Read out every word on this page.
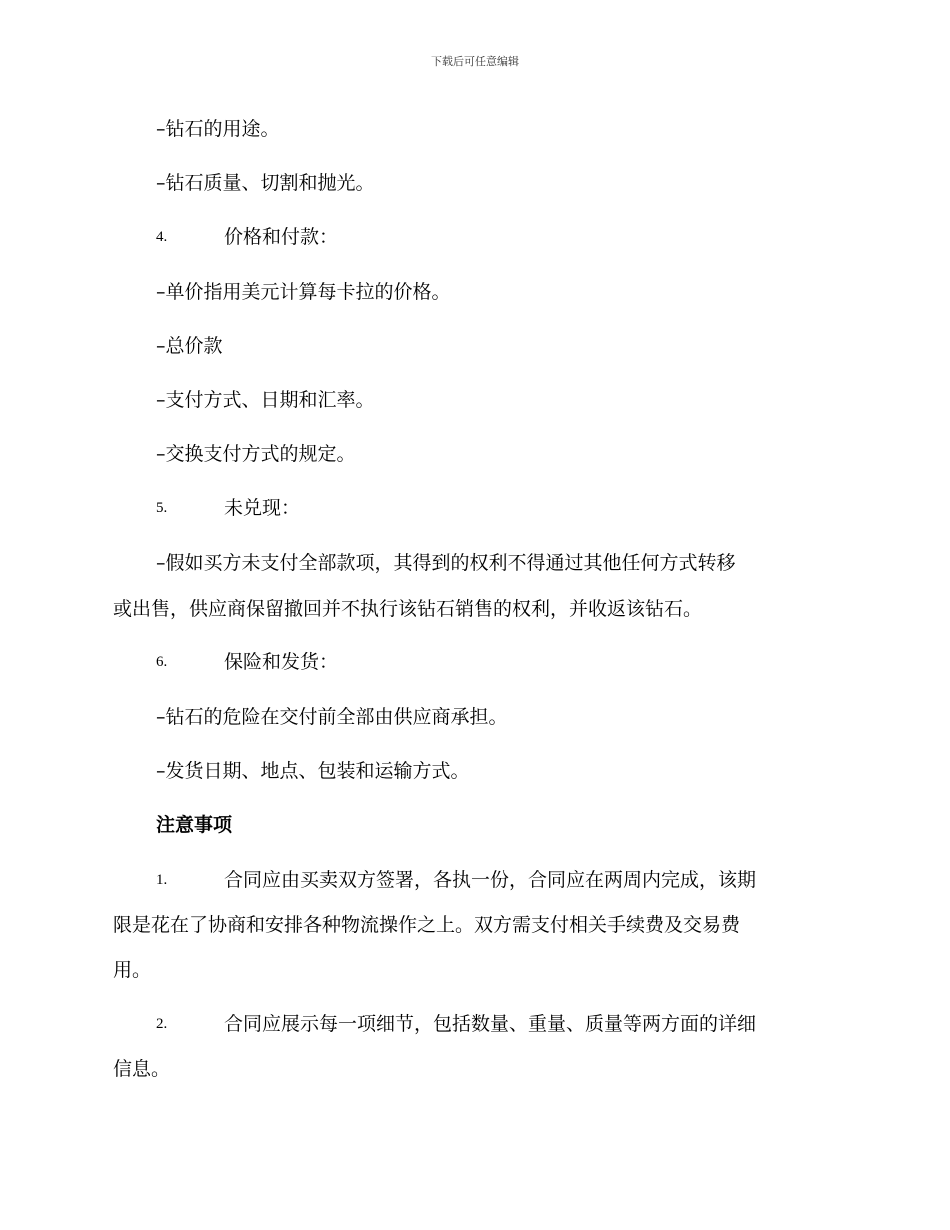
下载后可任意编辑
–钻石的用途。
–钻石质量、切割和抛光。
4.	价格和付款：
–单价指用美元计算每卡拉的价格。
–总价款
–支付方式、日期和汇率。
–交换支付方式的规定。
5.	未兑现：
–假如买方未支付全部款项，其得到的权利不得通过其他任何方式转移
或出售，供应商保留撤回并不执行该钻石销售的权利，并收返该钻石。
6.	保险和发货：
–钻石的危险在交付前全部由供应商承担。
–发货日期、地点、包装和运输方式。
注意事项
1.	合同应由买卖双方签署，各执一份，合同应在两周内完成，该期
限是花在了协商和安排各种物流操作之上。双方需支付相关手续费及交易费
用。
2.	合同应展示每一项细节，包括数量、重量、质量等两方面的详细
信息。
